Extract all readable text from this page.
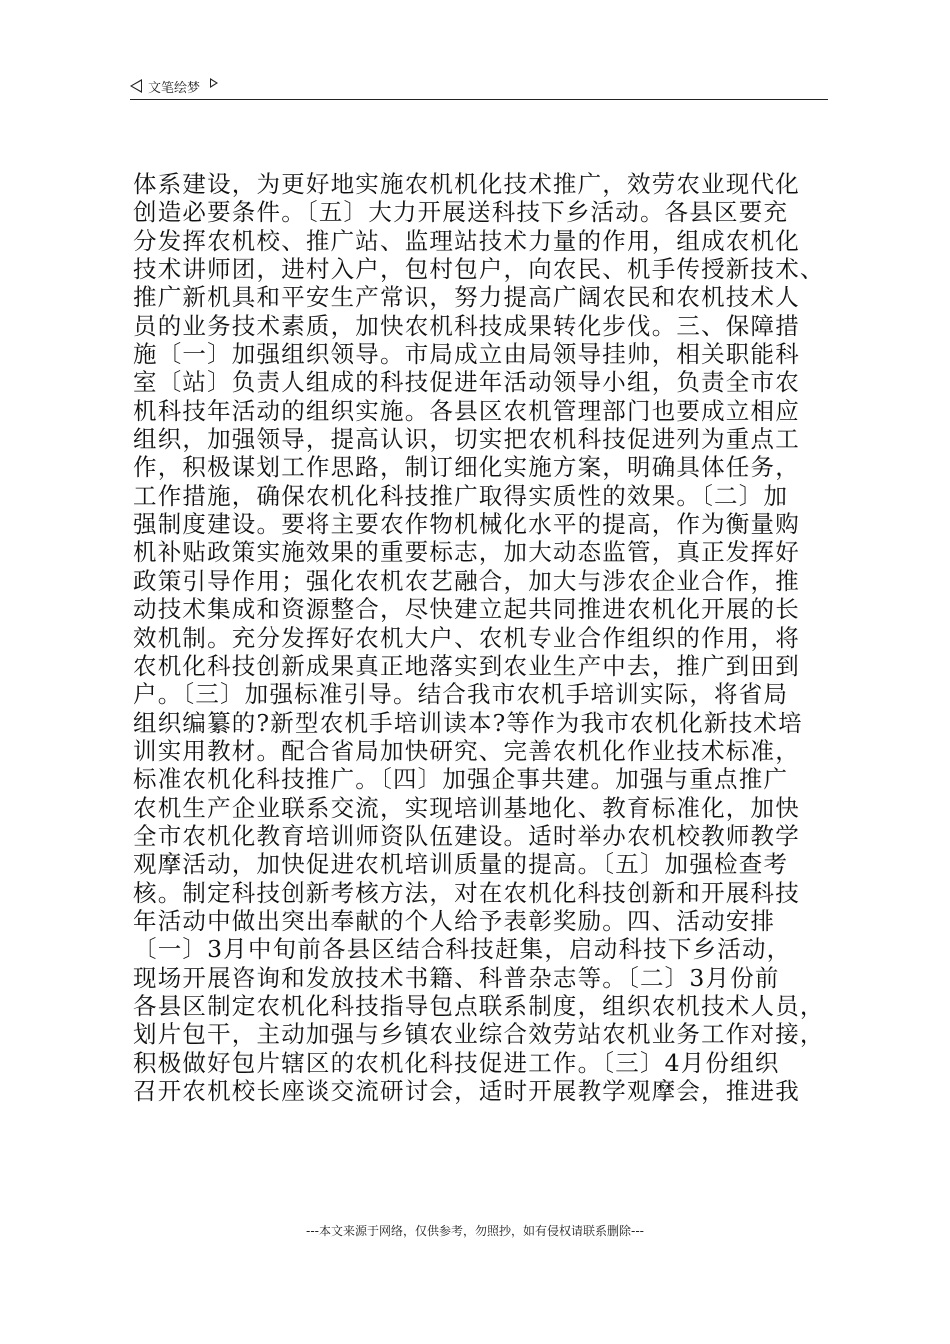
文笔绘梦
体系建设，为更好地实施农机机化技术推广，效劳农业现代化
创造必要条件。〔五〕大力开展送科技下乡活动。各县区要充
分发挥农机校、推广站、监理站技术力量的作用，组成农机化
技术讲师团，进村入户，包村包户，向农民、机手传授新技术、
推广新机具和平安生产常识，努力提高广阔农民和农机技术人
员的业务技术素质，加快农机科技成果转化步伐。三、保障措
施〔一〕加强组织领导。市局成立由局领导挂帅，相关职能科
室〔站〕负责人组成的科技促进年活动领导小组，负责全市农
机科技年活动的组织实施。各县区农机管理部门也要成立相应
组织，加强领导，提高认识，切实把农机科技促进列为重点工
作，积极谋划工作思路，制订细化实施方案，明确具体任务，
工作措施，确保农机化科技推广取得实质性的效果。〔二〕加
强制度建设。要将主要农作物机械化水平的提高，作为衡量购
机补贴政策实施效果的重要标志，加大动态监管，真正发挥好
政策引导作用；强化农机农艺融合，加大与涉农企业合作，推
动技术集成和资源整合，尽快建立起共同推进农机化开展的长
效机制。充分发挥好农机大户、农机专业合作组织的作用，将
农机化科技创新成果真正地落实到农业生产中去，推广到田到
户。〔三〕加强标准引导。结合我市农机手培训实际，将省局
组织编纂的?新型农机手培训读本?等作为我市农机化新技术培
训实用教材。配合省局加快研究、完善农机化作业技术标准，
标准农机化科技推广。〔四〕加强企事共建。加强与重点推广
农机生产企业联系交流，实现培训基地化、教育标准化，加快
全市农机化教育培训师资队伍建设。适时举办农机校教师教学
观摩活动，加快促进农机培训质量的提高。〔五〕加强检查考
核。制定科技创新考核方法，对在农机化科技创新和开展科技
年活动中做出突出奉献的个人给予表彰奖励。四、活动安排
〔一〕3月中旬前各县区结合科技赶集，启动科技下乡活动，
现场开展咨询和发放技术书籍、科普杂志等。〔二〕3月份前
各县区制定农机化科技指导包点联系制度，组织农机技术人员，
划片包干，主动加强与乡镇农业综合效劳站农机业务工作对接，
积极做好包片辖区的农机化科技促进工作。〔三〕4月份组织
召开农机校长座谈交流研讨会，适时开展教学观摩会，推进我
---本文来源于网络，仅供参考，勿照抄，如有侵权请联系删除---
